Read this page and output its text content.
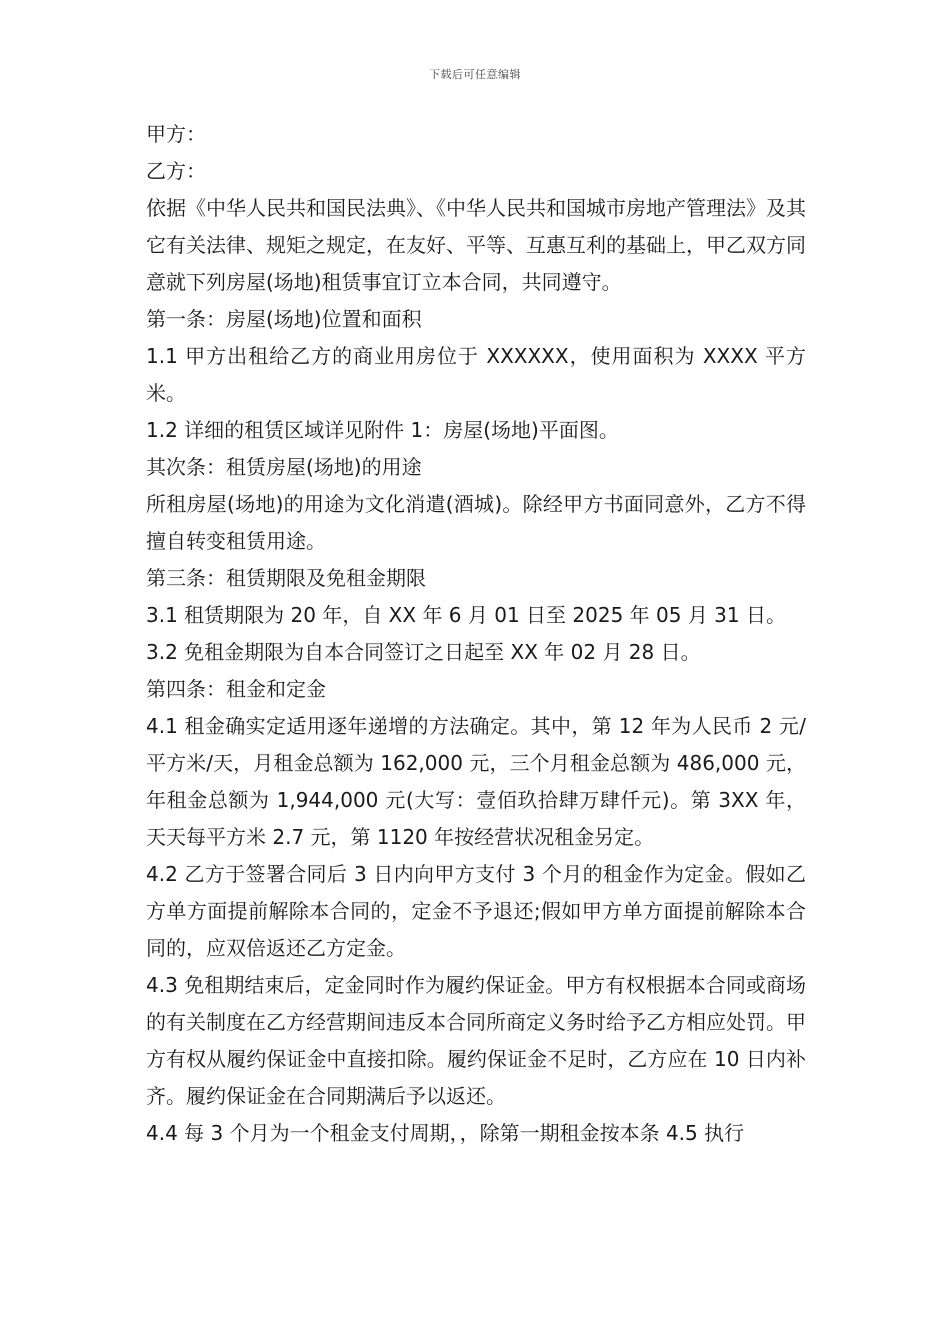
下载后可任意编辑

甲方：

乙方：

依据《中华人民共和国民法典》、《中华人民共和国城市房地产管理法》及其它有关法律、规矩之规定，在友好、平等、互惠互利的基础上，甲乙双方同意就下列房屋(场地)租赁事宜订立本合同，共同遵守。

第一条：房屋(场地)位置和面积

1.1 甲方出租给乙方的商业用房位于 XXXXXX，使用面积为 XXXX 平方米。

1.2 详细的租赁区域详见附件 1：房屋(场地)平面图。

其次条：租赁房屋(场地)的用途

所租房屋(场地)的用途为文化消遣(酒城)。除经甲方书面同意外，乙方不得擅自转变租赁用途。

第三条：租赁期限及免租金期限

3.1 租赁期限为 20 年，自 XX 年 6 月 01 日至 2025 年 05 月 31 日。

3.2 免租金期限为自本合同签订之日起至 XX 年 02 月 28 日。

第四条：租金和定金

4.1 租金确实定适用逐年递增的方法确定。其中，第 12 年为人民币 2 元/平方米/天，月租金总额为 162,000 元，三个月租金总额为 486,000 元，年租金总额为 1,944,000 元(大写：壹佰玖拾肆万肆仟元)。第 3XX 年，天天每平方米 2.7 元，第 1120 年按经营状况租金另定。

4.2 乙方于签署合同后 3 日内向甲方支付 3 个月的租金作为定金。假如乙方单方面提前解除本合同的，定金不予退还;假如甲方单方面提前解除本合同的，应双倍返还乙方定金。

4.3 免租期结束后，定金同时作为履约保证金。甲方有权根据本合同或商场的有关制度在乙方经营期间违反本合同所商定义务时给予乙方相应处罚。甲方有权从履约保证金中直接扣除。履约保证金不足时，乙方应在 10 日内补齐。履约保证金在合同期满后予以返还。

4.4 每 3 个月为一个租金支付周期，，除第一期租金按本条 4.5 执行
